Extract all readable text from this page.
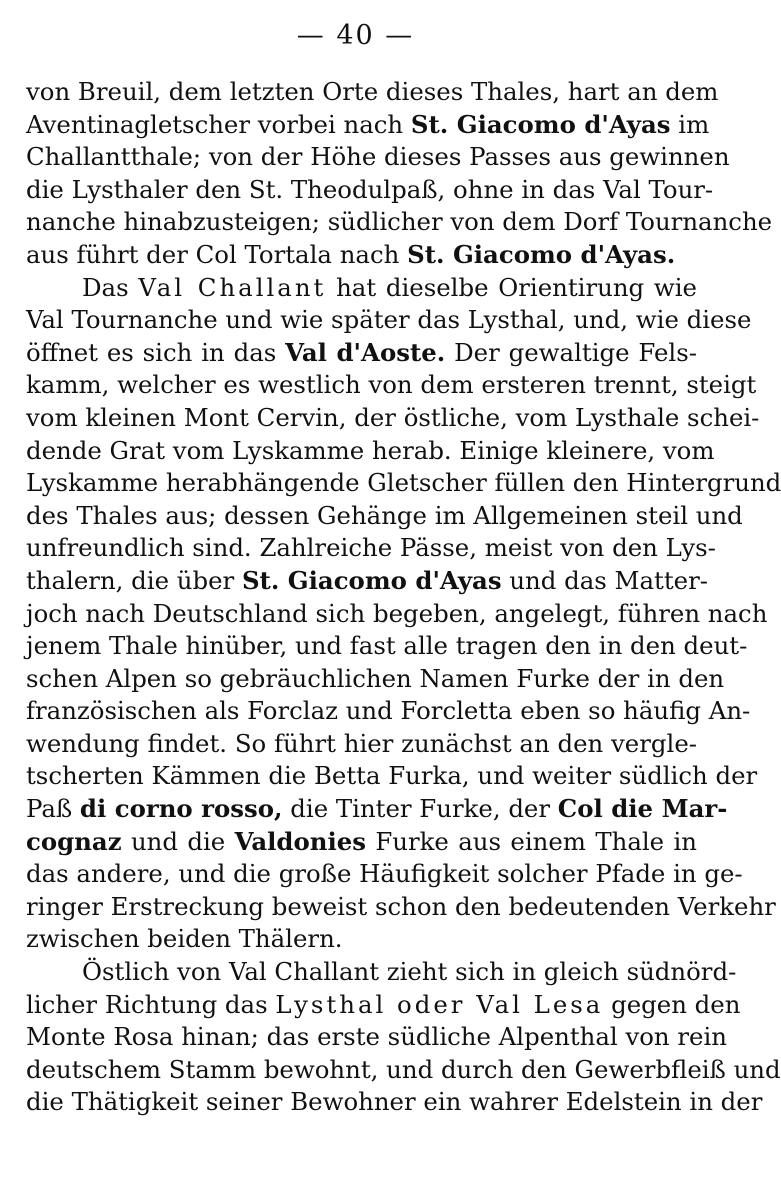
— 40 —
von Breuil, dem letzten Orte dieses Thales, hart an dem
Aventinagletscher vorbei nach St. Giacomo d'Ayas im
Challantthale; von der Höhe dieses Passes aus gewinnen
die Lysthaler den St. Theodulpaß, ohne in das Val Tour-
nanche hinabzusteigen; südlicher von dem Dorf Tournanche
aus führt der Col Tortala nach St. Giacomo d'Ayas.
Das Val Challant hat dieselbe Orientirung wie
Val Tournanche und wie später das Lysthal, und, wie diese
öffnet es sich in das Val d'Aoste. Der gewaltige Fels-
kamm, welcher es westlich von dem ersteren trennt, steigt
vom kleinen Mont Cervin, der östliche, vom Lysthale schei-
dende Grat vom Lyskamme herab. Einige kleinere, vom
Lyskamme herabhängende Gletscher füllen den Hintergrund
des Thales aus; dessen Gehänge im Allgemeinen steil und
unfreundlich sind. Zahlreiche Pässe, meist von den Lys-
thalern, die über St. Giacomo d'Ayas und das Matter-
joch nach Deutschland sich begeben, angelegt, führen nach
jenem Thale hinüber, und fast alle tragen den in den deut-
schen Alpen so gebräuchlichen Namen Furke der in den
französischen als Forclaz und Forcletta eben so häufig An-
wendung findet. So führt hier zunächst an den vergle-
tscherten Kämmen die Betta Furka, und weiter südlich der
Paß di corno rosso, die Tinter Furke, der Col die Mar-
cognaz und die Valdonies Furke aus einem Thale in
das andere, und die große Häufigkeit solcher Pfade in ge-
ringer Erstreckung beweist schon den bedeutenden Verkehr
zwischen beiden Thälern.
Östlich von Val Challant zieht sich in gleich südnörd-
licher Richtung das Lysthal oder Val Lesa gegen den
Monte Rosa hinan; das erste südliche Alpenthal von rein
deutschem Stamm bewohnt, und durch den Gewerbfleiß und
die Thätigkeit seiner Bewohner ein wahrer Edelstein in der
